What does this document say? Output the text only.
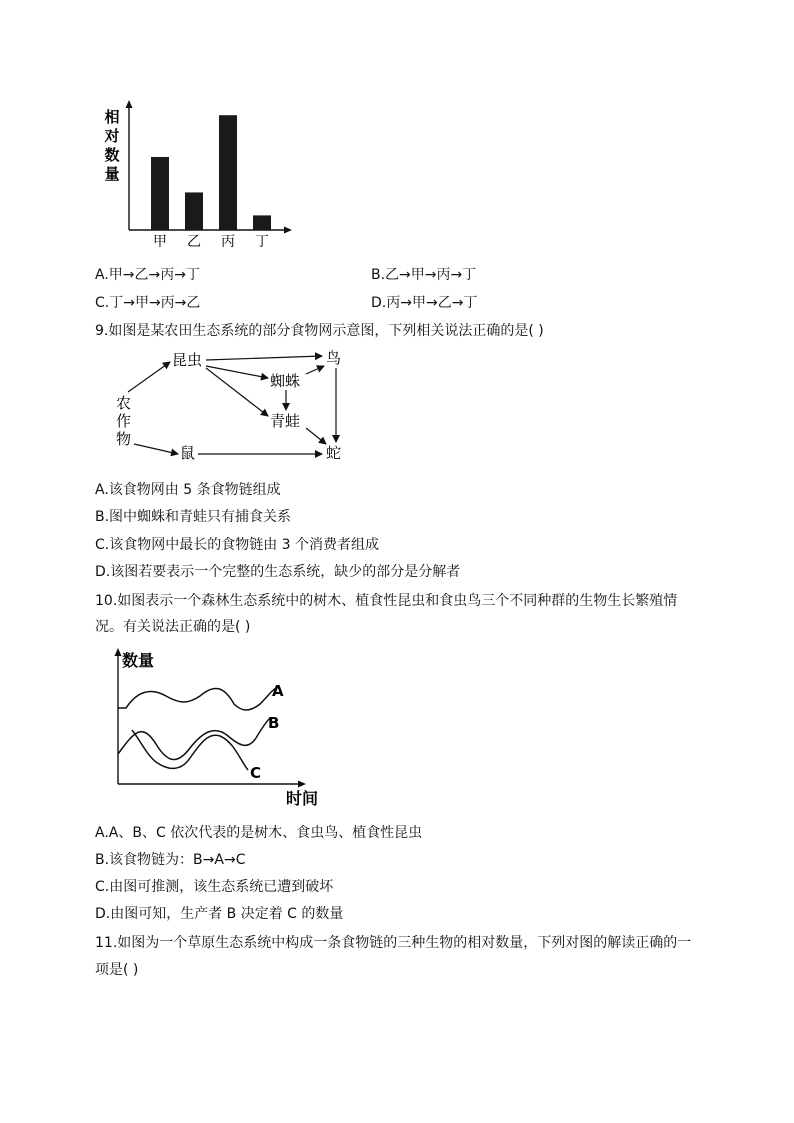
相
对
数
量
甲 乙 丙 丁
A.甲→乙→丙→丁	B.乙→甲→丙→丁
C.丁→甲→丙→乙	D.丙→甲→乙→丁
9.如图是某农田生态系统的部分食物网示意图，下列相关说法正确的是( )
昆虫	鸟
蜘蛛
青蛙
鼠	蛇
农
作
物
A.该食物网由 5 条食物链组成
B.图中蜘蛛和青蛙只有捕食关系
C.该食物网中最长的食物链由 3 个消费者组成
D.该图若要表示一个完整的生态系统，缺少的部分是分解者
10.如图表示一个森林生态系统中的树木、植食性昆虫和食虫鸟三个不同种群的生物生长繁殖情
况。有关说法正确的是( )
数量
时间
A
B
C
A.A、B、C 依次代表的是树木、食虫鸟、植食性昆虫
B.该食物链为：B→A→C
C.由图可推测，该生态系统已遭到破坏
D.由图可知，生产者 B 决定着 C 的数量
11.如图为一个草原生态系统中构成一条食物链的三种生物的相对数量，下列对图的解读正确的一
项是( )
